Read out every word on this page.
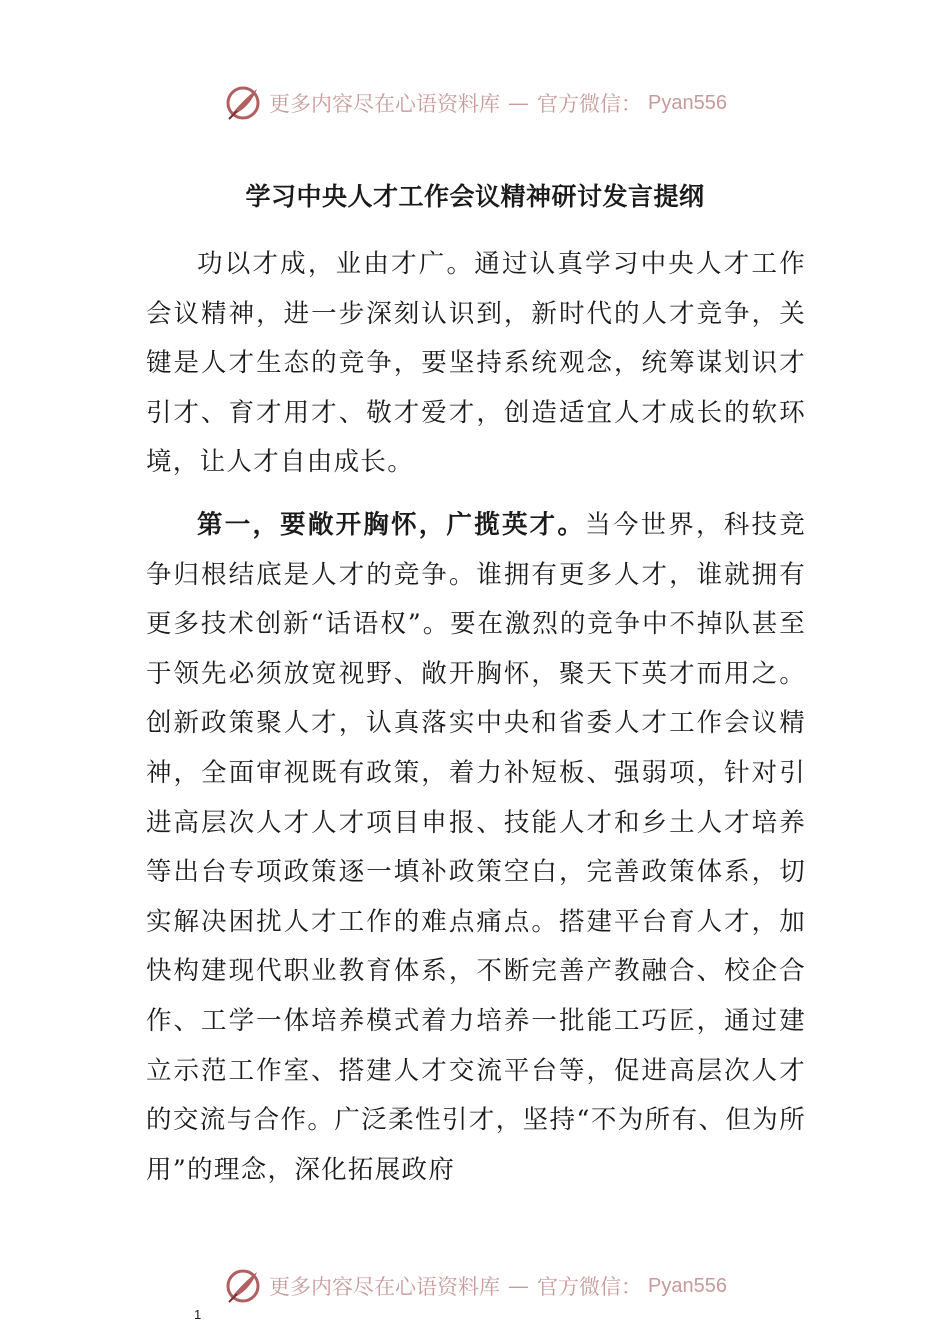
更多内容尽在心语资料库 — 官方微信： Pyan556
学习中央人才工作会议精神研讨发言提纲

功以才成，业由才广。通过认真学习中央人才工作会议精神，进一步深刻认识到，新时代的人才竞争，关键是人才生态的竞争，要坚持系统观念，统筹谋划识才引才、育才用才、敬才爱才，创造适宜人才成长的软环境，让人才自由成长。

第一，要敞开胸怀，广揽英才。当今世界，科技竞争归根结底是人才的竞争。谁拥有更多人才，谁就拥有更多技术创新“话语权”。要在激烈的竞争中不掉队甚至于领先必须放宽视野、敞开胸怀，聚天下英才而用之。创新政策聚人才，认真落实中央和省委人才工作会议精神，全面审视既有政策，着力补短板、强弱项，针对引进高层次人才人才项目申报、技能人才和乡土人才培养等出台专项政策逐一填补政策空白，完善政策体系，切实解决困扰人才工作的难点痛点。搭建平台育人才，加快构建现代职业教育体系，不断完善产教融合、校企合作、工学一体培养模式着力培养一批能工巧匠，通过建立示范工作室、搭建人才交流平台等，促进高层次人才的交流与合作。广泛柔性引才，坚持“不为所有、但为所用”的理念，深化拓展政府

更多内容尽在心语资料库 — 官方微信： Pyan556
1
